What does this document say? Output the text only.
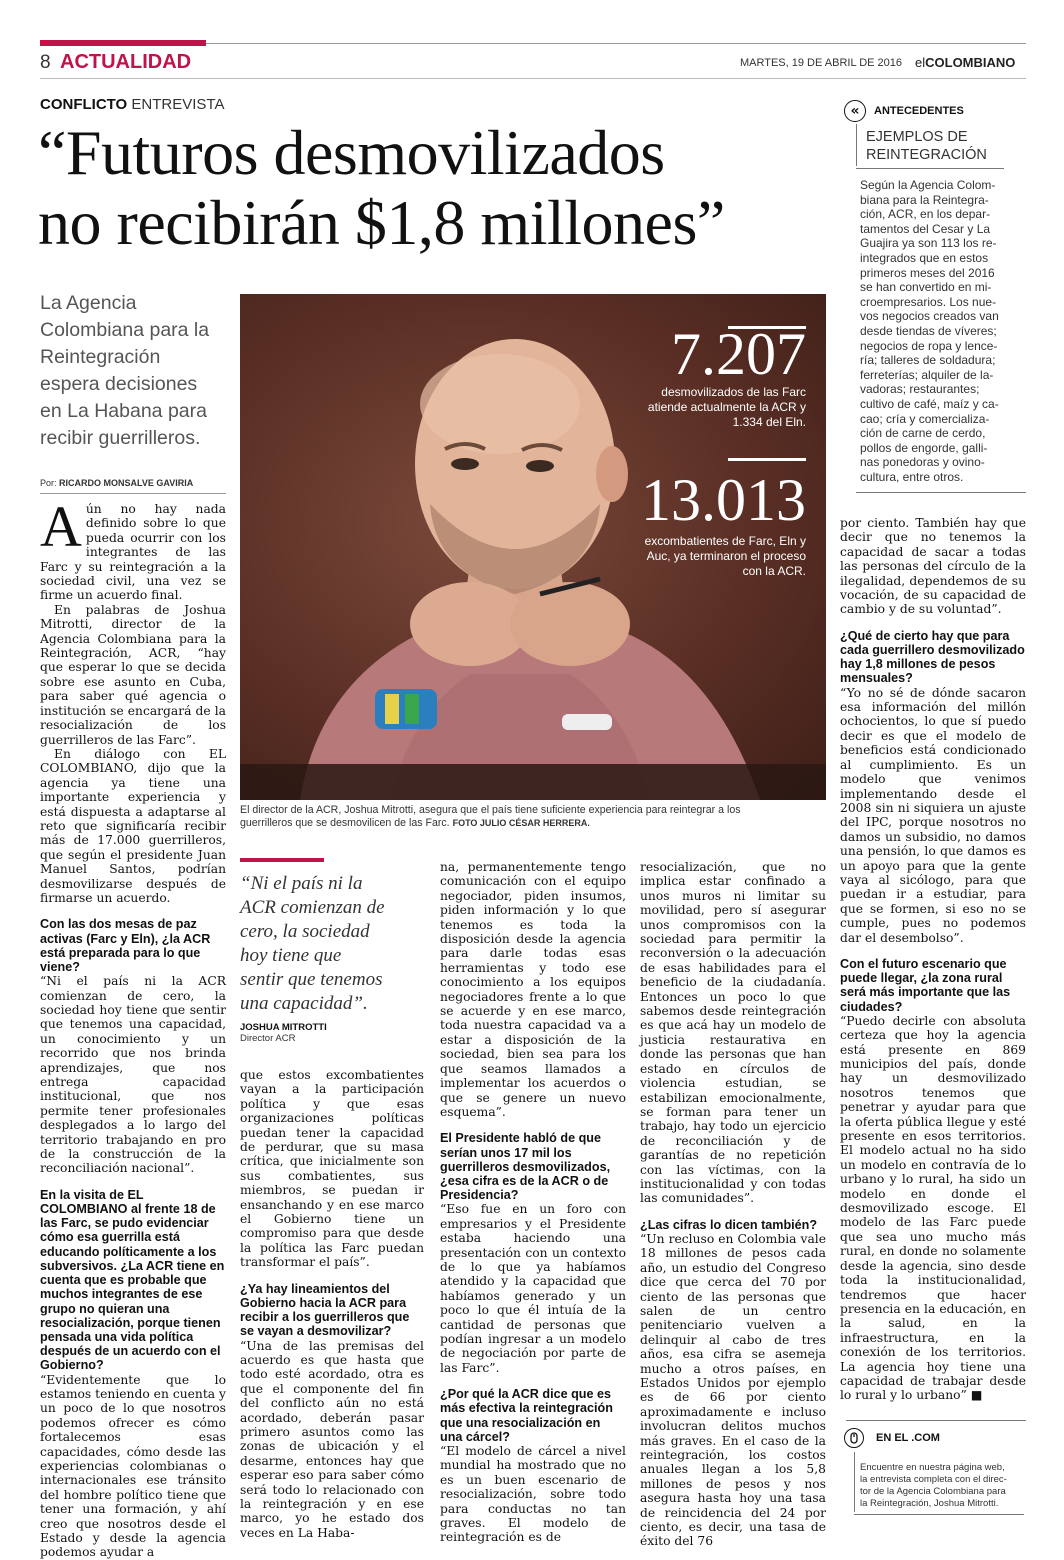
8 ACTUALIDAD	MARTES, 19 DE ABRIL DE 2016 elCOLOMBIANO
CONFLICTO ENTREVISTA
“Futuros desmovilizados
no recibirán $1,8 millones”
La Agencia
Colombiana para la
Reintegración
espera decisiones
en La Habana para
recibir guerrilleros.
Por: RICARDO MONSALVE GAVIRIA
7.207
desmovilizados de las Farc
atiende actualmente la ACR y
1.334 del Eln.
13.013
excombatientes de Farc, Eln y
Auc, ya terminaron el proceso
con la ACR.
El director de la ACR, Joshua Mitrotti, asegura que el país tiene suficiente experiencia para reintegrar a los
guerrilleros que se desmovilicen de las Farc. FOTO JULIO CÉSAR HERRERA.
«	ANTECEDENTES
EJEMPLOS DE
REINTEGRACIÓN
Según la Agencia Colom-
biana para la Reintegra-
ción, ACR, en los depar-
tamentos del Cesar y La
Guajira ya son 113 los re-
integrados que en estos
primeros meses del 2016
se han convertido en mi-
croempresarios. Los nue-
vos negocios creados van
desde tiendas de víveres;
negocios de ropa y lence-
ría; talleres de soldadura;
ferreterías; alquiler de la-
vadoras; restaurantes;
cultivo de café, maíz y ca-
cao; cría y comercializa-
ción de carne de cerdo,
pollos de engorde, galli-
nas ponedoras y ovino-
cultura, entre otros.
“Ni el país ni la
ACR comienzan de
cero, la sociedad
hoy tiene que
sentir que tenemos
una capacidad”.
JOSHUA MITROTTI
Director ACR

Aún no hay nada definido sobre lo que pueda ocurrir con los integrantes de las Farc y su reintegración a la sociedad civil, una vez se firme un acuerdo final.

En palabras de Joshua Mitrotti, director de la Agencia Colombiana para la Reintegración, ACR, “hay que esperar lo que se decida sobre ese asunto en Cuba, para saber qué agencia o institución se encargará de la resocialización de los guerrilleros de las Farc”.

En diálogo con EL COLOMBIANO, dijo que la agencia ya tiene una importante experiencia y está dispuesta a adaptarse al reto que significaría recibir más de 17.000 guerrilleros, que según el presidente Juan Manuel Santos, podrían desmovilizarse después de firmarse un acuerdo.

Con las dos mesas de paz activas (Farc y Eln), ¿la ACR está preparada para lo que viene?

“Ni el país ni la ACR comienzan de cero, la sociedad hoy tiene que sentir que tenemos una capacidad, un conocimiento y un recorrido que nos brinda aprendizajes, que nos entrega capacidad institucional, que nos permite tener profesionales desplegados a lo largo del territorio trabajando en pro de la construcción de la reconciliación nacional”.

En la visita de EL COLOMBIANO al frente 18 de las Farc, se pudo evidenciar cómo esa guerrilla está educando políticamente a los subversivos. ¿La ACR tiene en cuenta que es probable que muchos integrantes de ese grupo no quieran una resocialización, porque tienen pensada una vida política después de un acuerdo con el Gobierno?

“Evidentemente que lo estamos teniendo en cuenta y un poco de lo que nosotros podemos ofrecer es cómo fortalecemos esas capacidades, cómo desde las experiencias colombianas o internacionales ese tránsito del hombre político tiene que tener una formación, y ahí creo que nosotros desde el Estado y desde la agencia podemos ayudar a

que estos excombatientes vayan a la participación política y que esas organizaciones políticas puedan tener la capacidad de perdurar, que su masa crítica, que inicialmente son sus combatientes, sus miembros, se puedan ir ensanchando y en ese marco el Gobierno tiene un compromiso para que desde la política las Farc puedan transformar el país”.

¿Ya hay lineamientos del Gobierno hacia la ACR para recibir a los guerrilleros que se vayan a desmovilizar?

“Una de las premisas del acuerdo es que hasta que todo esté acordado, otra es que el componente del fin del conflicto aún no está acordado, deberán pasar primero asuntos como las zonas de ubicación y el desarme, entonces hay que esperar eso para saber cómo será todo lo relacionado con la reintegración y en ese marco, yo he estado dos veces en La Haba-

na, permanentemente tengo comunicación con el equipo negociador, piden insumos, piden información y lo que tenemos es toda la disposición desde la agencia para darle todas esas herramientas y todo ese conocimiento a los equipos negociadores frente a lo que se acuerde y en ese marco, toda nuestra capacidad va a estar a disposición de la sociedad, bien sea para los que seamos llamados a implementar los acuerdos o que se genere un nuevo esquema”.

El Presidente habló de que serían unos 17 mil los guerrilleros desmovilizados, ¿esa cifra es de la ACR o de Presidencia?

“Eso fue en un foro con empresarios y el Presidente estaba haciendo una presentación con un contexto de lo que ya habíamos atendido y la capacidad que habíamos generado y un poco lo que él intuía de la cantidad de personas que podían ingresar a un modelo de negociación por parte de las Farc”.

¿Por qué la ACR dice que es más efectiva la reintegración que una resocialización en una cárcel?

“El modelo de cárcel a nivel mundial ha mostrado que no es un buen escenario de resocialización, sobre todo para conductas no tan graves. El modelo de reintegración es de

resocialización, que no implica estar confinado a unos muros ni limitar su movilidad, pero sí asegurar unos compromisos con la sociedad para permitir la reconversión o la adecuación de esas habilidades para el beneficio de la ciudadanía. Entonces un poco lo que sabemos desde reintegración es que acá hay un modelo de justicia restaurativa en donde las personas que han estado en círculos de violencia estudian, se estabilizan emocionalmente, se forman para tener un trabajo, hay todo un ejercicio de reconciliación y de garantías de no repetición con las víctimas, con la institucionalidad y con todas las comunidades”.

¿Las cifras lo dicen también?

“Un recluso en Colombia vale 18 millones de pesos cada año, un estudio del Congreso dice que cerca del 70 por ciento de las personas que salen de un centro penitenciario vuelven a delinquir al cabo de tres años, esa cifra se asemeja mucho a otros países, en Estados Unidos por ejemplo es de 66 por ciento aproximadamente e incluso involucran delitos muchos más graves. En el caso de la reintegración, los costos anuales llegan a los 5,8 millones de pesos y nos asegura hasta hoy una tasa de reincidencia del 24 por ciento, es decir, una tasa de éxito del 76

por ciento. También hay que decir que no tenemos la capacidad de sacar a todas las personas del círculo de la ilegalidad, dependemos de su vocación, de su capacidad de cambio y de su voluntad”.

¿Qué de cierto hay que para cada guerrillero desmovilizado hay 1,8 millones de pesos mensuales?

“Yo no sé de dónde sacaron esa información del millón ochocientos, lo que sí puedo decir es que el modelo de beneficios está condicionado al cumplimiento. Es un modelo que venimos implementando desde el 2008 sin ni siquiera un ajuste del IPC, porque nosotros no damos un subsidio, no damos una pensión, lo que damos es un apoyo para que la gente vaya al sicólogo, para que puedan ir a estudiar, para que se formen, si eso no se cumple, pues no podemos dar el desembolso”.

Con el futuro escenario que puede llegar, ¿la zona rural será más importante que las ciudades?

“Puedo decirle con absoluta certeza que hoy la agencia está presente en 869 municipios del país, donde hay un desmovilizado nosotros tenemos que penetrar y ayudar para que la oferta pública llegue y esté presente en esos territorios. El modelo actual no ha sido un modelo en contravía de lo urbano y lo rural, ha sido un modelo en donde el desmovilizado escoge. El modelo de las Farc puede que sea uno mucho más rural, en donde no solamente desde la agencia, sino desde toda la institucionalidad, tendremos que hacer presencia en la educación, en la salud, en la infraestructura, en la conexión de los territorios. La agencia hoy tiene una capacidad de trabajar desde lo rural y lo urbano” ■

EN EL .COM
Encuentre en nuestra página web,
la entrevista completa con el direc-
tor de la Agencia Colombiana para
la Reintegración, Joshua Mitrotti.
